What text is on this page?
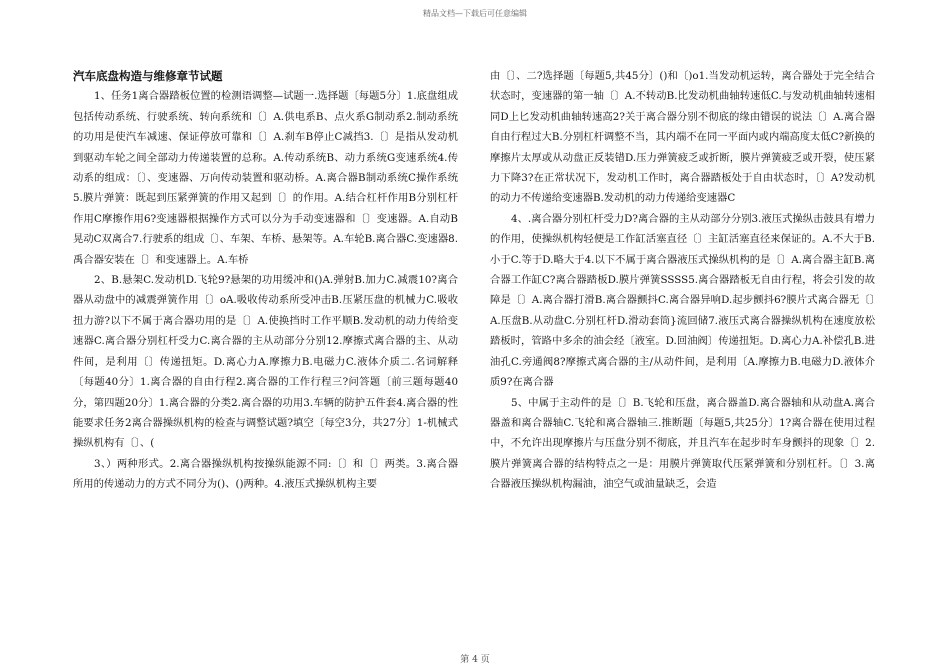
精品文档—下载后可任意编辑

汽车底盘构造与维修章节试题

1、任务1离合器踏板位置的检测语调整—试题一.选择题〔每题5分〕1.底盘组成包括传动系统、行驶系统、转向系统和〔〕A.供电系B、点火系G制动系2.制动系统的功用是使汽车减速、保证停放可靠和〔〕A.刹车B停止C减挡3.〔〕是指从发动机到驱动车轮之间全部动力传递装置的总称。A.传动系统B、动力系统G变速系统4.传动系的组成：〔〕、变速器、万向传动装置和驱动桥。A.离合器B制动系统C操作系统5.膜片弹簧：既起到压紧弹簧的作用又起到〔〕的作用。A.结合杠杆作用B分别杠杆作用C摩擦作用6?变速器根据操作方式可以分为手动变速器和〔〕变速器。A.自动B晃动C双离合7.行驶系的组成〔〕、车架、车桥、悬架等。A.车轮B.离合器C.变速器8.禹合器安装在〔〕和变速器上。A.车桥

2、B.悬架C.发动机D.飞轮9?悬架的功用缓冲和()A.弹射B.加力C.减震10?离合器从动盘中的减震弹簧作用〔〕oA.吸收传动系所受冲击B.压紧压盘的机械力C.吸收扭力游?以下不属于离合器功用的是〔〕A.使换挡时工作平顺B.发动机的动力传给变速器C.离合器分别杠杆受力C.离合器的主从动部分分别12.摩擦式离合器的主、从动件间，是利用〔〕传递扭矩。D.离心力A.摩擦力B.电磁力C.液体介质二.名词解释〔每题40分〕1.离合器的自由行程2.离合器的工作行程三?问答题〔前三题每题40分，第四题20分〕1.离合器的分类2.离合器的功用3.车辆的防护五件套4.离合器的性能要求任务2离合器操纵机构的检查与调整试题?填空〔每空3分，共27分〕1-机械式操纵机构有〔〕、(

3、）两种形式。2.离合器操纵机构按操纵能源不同:〔〕和〔〕两类。3.离合器所用的传递动力的方式不同分为()、()两种。4.液压式操纵机构主要

由〔〕、二?选择题〔每题5,共45分〕()和〔)o1.当发动机运转，离合器处于完全结合状态时，变速器的第一轴〔〕A.不转动B.比发动机曲轴转速低C.与发动机曲轴转速相同D上匕发动机曲轴转速高2?关于离合器分别不彻底的缘由错误的说法〔〕A.离合器自由行程过大B.分别杠杆调整不当，其内端不在同一平面内或内端高度太低C?新换的摩擦片太厚或从动盘正反装错D.压力弹簧疲乏或折断，膜片弹簧疲乏或开裂，使压紧力下降3?在正常状况下，发动机工作时，离合器踏板处于自由状态时，〔〕A?发动机的动力不传递给变速器B.发动机的动力传递给变速器C

4、.离合器分别杠杆受力D?离合器的主从动部分分别3.液压式操纵击鼓具有增力的作用，使操纵机构轻便是工作缸活塞直径〔〕主缸活塞直径来保证的。A.不大于B.小于C.等于D.略大于4.以下不属于离合器液压式操纵机构的是〔〕A.离合器主缸B.离合器工作缸C?离合器踏板D.膜片弹簧SSSS5.离合器踏板无自由行程，将会引发的故障是〔〕A.离合器打滑B.离合器颤抖C.离合器异响D.起步颤抖6?膜片式离合器无〔〕A.压盘B.从动盘C.分别杠杆D.滑动套筒}流回储7.液压式离合器操纵机构在速度放松踏板时，管路中多余的油会经〔液室。D.回油阀〕传递扭矩。D.离心力A.补偿孔B.进油孔C.旁通阀8?摩擦式离合器的主/从动件间，是利用〔A.摩擦力B.电磁力D.液体介质9?在离合器

5、中属于主动件的是〔〕B.飞轮和压盘，离合器盖D.离合器轴和从动盘A.离合器盖和离合器轴C.飞轮和离合器轴三.推断题〔每题5,共25分〕1?离合器在使用过程中，不允许出现摩擦片与压盘分别不彻底，并且汽车在起步时车身颤抖的现象〔〕2.膜片弹簧离合器的结构特点之一是：用膜片弹簧取代压紧弹簧和分别杠杆。〔〕3.离合器液压操纵机构漏油，油空气或油量缺乏，会造

第 4 页
